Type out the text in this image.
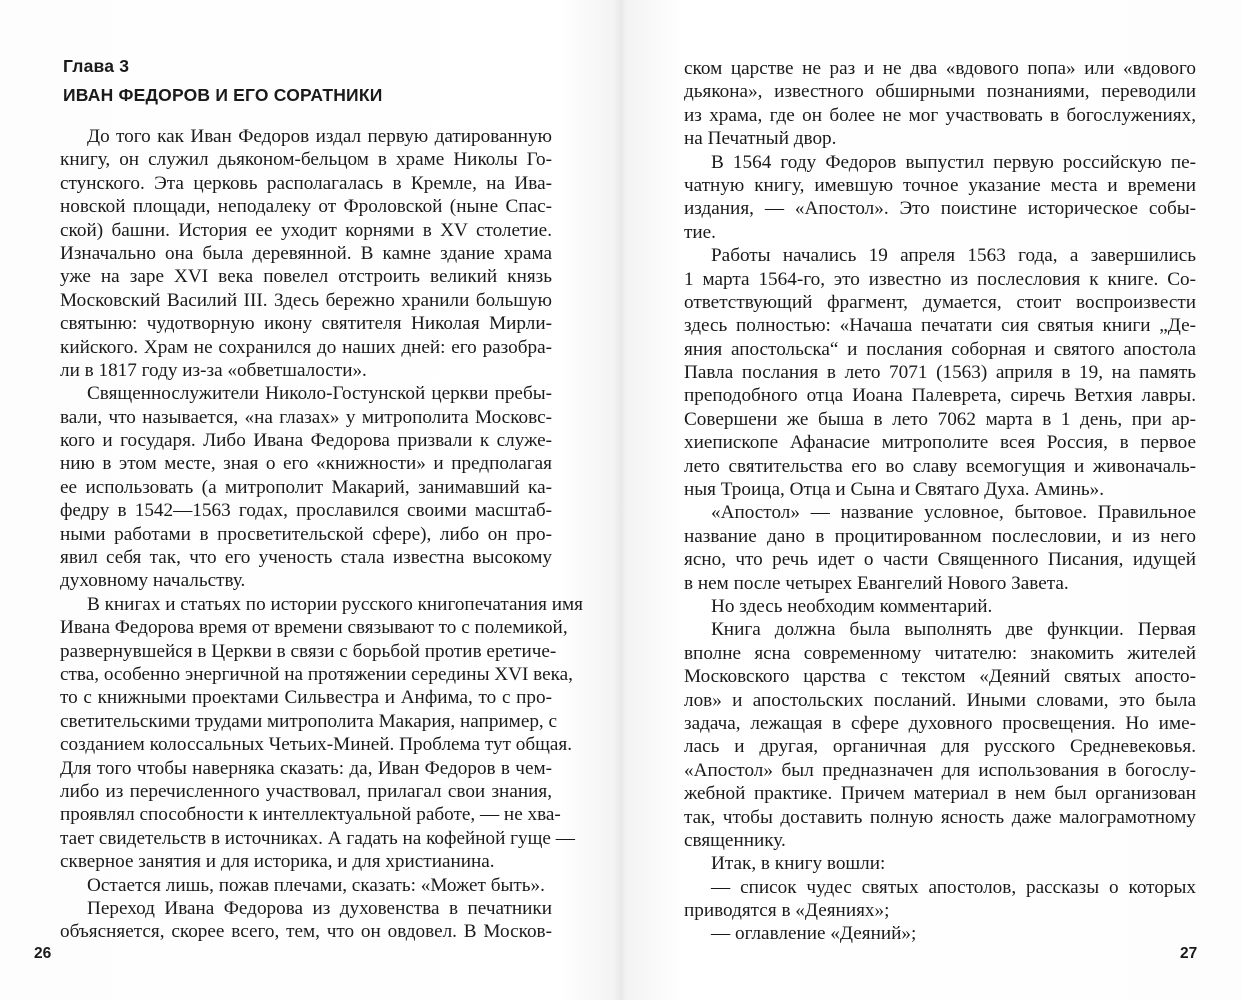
Глава 3
ИВАН ФЕДОРОВ И ЕГО СОРАТНИКИ
До того как Иван Федоров издал первую датированную
книгу, он служил дьяконом-бельцом в храме Николы Го-
стунского. Эта церковь располагалась в Кремле, на Ива-
новской площади, неподалеку от Фроловской (ныне Спас-
ской) башни. История ее уходит корнями в XV столетие.
Изначально она была деревянной. В камне здание храма
уже на заре XVI века повелел отстроить великий князь
Московский Василий III. Здесь бережно хранили большую
святыню: чудотворную икону святителя Николая Мирли-
кийского. Храм не сохранился до наших дней: его разобра-
ли в 1817 году из-за «обветшалости».
Священнослужители Николо-Гостунской церкви пребы-
вали, что называется, «на глазах» у митрополита Московс-
кого и государя. Либо Ивана Федорова призвали к служе-
нию в этом месте, зная о его «книжности» и предполагая
ее использовать (а митрополит Макарий, занимавший ка-
федру в 1542—1563 годах, прославился своими масштаб-
ными работами в просветительской сфере), либо он про-
явил себя так, что его ученость стала известна высокому
духовному начальству.
В книгах и статьях по истории русского книгопечатания имя
Ивана Федорова время от времени связывают то с полемикой,
развернувшейся в Церкви в связи с борьбой против еретиче-
ства, особенно энергичной на протяжении середины XVI века,
то с книжными проектами Сильвестра и Анфима, то с про-
светительскими трудами митрополита Макария, например, с
созданием колоссальных Четьих-Миней. Проблема тут общая.
Для того чтобы наверняка сказать: да, Иван Федоров в чем-
либо из перечисленного участвовал, прилагал свои знания,
проявлял способности к интеллектуальной работе, — не хва-
тает свидетельств в источниках. А гадать на кофейной гуще —
скверное занятия и для историка, и для христианина.
Остается лишь, пожав плечами, сказать: «Может быть».
Переход Ивана Федорова из духовенства в печатники
объясняется, скорее всего, тем, что он овдовел. В Москов-
26
ском царстве не раз и не два «вдового попа» или «вдового
дьякона», известного обширными познаниями, переводили
из храма, где он более не мог участвовать в богослужениях,
на Печатный двор.
В 1564 году Федоров выпустил первую российскую пе-
чатную книгу, имевшую точное указание места и времени
издания, — «Апостол». Это поистине историческое собы-
тие.
Работы начались 19 апреля 1563 года, а завершились
1 марта 1564-го, это известно из послесловия к книге. Со-
ответствующий фрагмент, думается, стоит воспроизвести
здесь полностью: «Начаша печатати сия святыя книги „Де-
яния апостольска“ и послания соборная и святого апостола
Павла послания в лето 7071 (1563) априля в 19, на память
преподобного отца Иоана Палеврета, сиречь Ветхия лавры.
Совершени же быша в лето 7062 марта в 1 день, при ар-
хиепископе Афанасие митрополите всея Россия, в первое
лето святительства его во славу всемогущия и живоначаль-
ныя Троица, Отца и Сына и Святаго Духа. Аминь».
«Апостол» — название условное, бытовое. Правильное
название дано в процитированном послесловии, и из него
ясно, что речь идет о части Священного Писания, идущей
в нем после четырех Евангелий Нового Завета.
Но здесь необходим комментарий.
Книга должна была выполнять две функции. Первая
вполне ясна современному читателю: знакомить жителей
Московского царства с текстом «Деяний святых апосто-
лов» и апостольских посланий. Иными словами, это была
задача, лежащая в сфере духовного просвещения. Но име-
лась и другая, органичная для русского Средневековья.
«Апостол» был предназначен для использования в богослу-
жебной практике. Причем материал в нем был организован
так, чтобы доставить полную ясность даже малограмотному
священнику.
Итак, в книгу вошли:
— список чудес святых апостолов, рассказы о которых
приводятся в «Деяниях»;
— оглавление «Деяний»;
27
